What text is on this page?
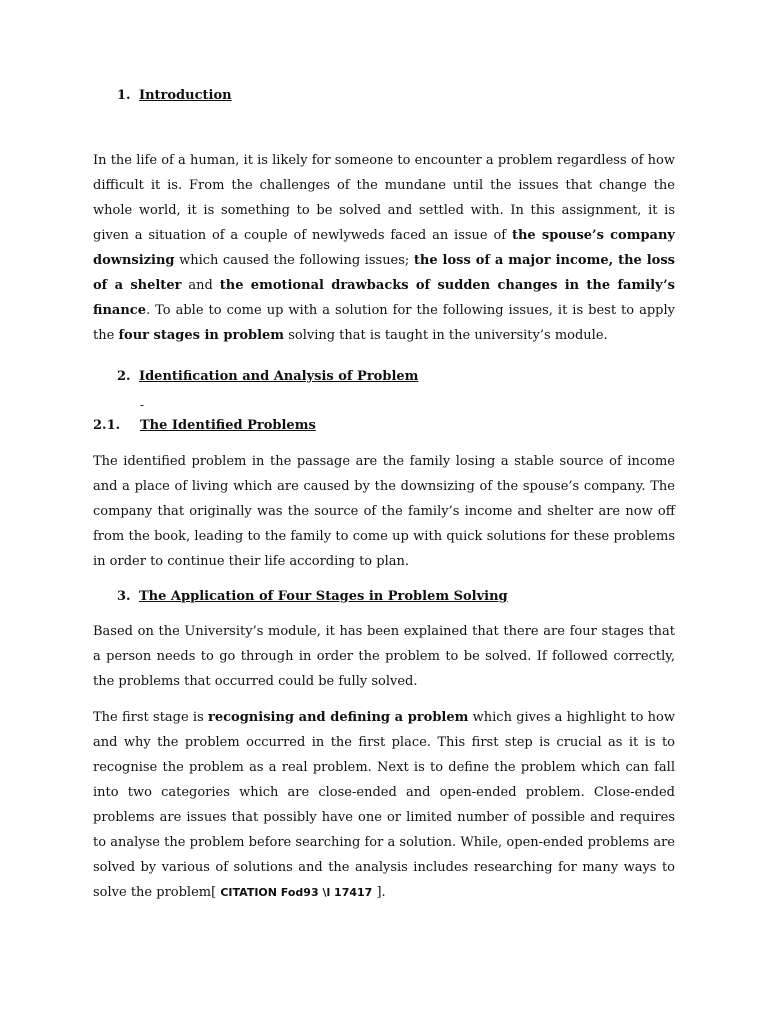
1. Introduction

In the life of a human, it is likely for someone to encounter a problem regardless of how difficult it is. From the challenges of the mundane until the issues that change the whole world, it is something to be solved and settled with. In this assignment, it is given a situation of a couple of newlyweds faced an issue of the spouse’s company downsizing which caused the following issues; the loss of a major income, the loss of a shelter and the emotional drawbacks of sudden changes in the family’s finance. To able to come up with a solution for the following issues, it is best to apply the four stages in problem solving that is taught in the university’s module.

2. Identification and Analysis of Problem
-
2.1. The Identified Problems

The identified problem in the passage are the family losing a stable source of income and a place of living which are caused by the downsizing of the spouse’s company. The company that originally was the source of the family’s income and shelter are now off from the book, leading to the family to come up with quick solutions for these problems in order to continue their life according to plan.

3. The Application of Four Stages in Problem Solving

Based on the University’s module, it has been explained that there are four stages that a person needs to go through in order the problem to be solved. If followed correctly, the problems that occurred could be fully solved.

The first stage is recognising and defining a problem which gives a highlight to how and why the problem occurred in the first place. This first step is crucial as it is to recognise the problem as a real problem. Next is to define the problem which can fall into two categories which are close-ended and open-ended problem. Close-ended problems are issues that possibly have one or limited number of possible and requires to analyse the problem before searching for a solution. While, open-ended problems are solved by various of solutions and the analysis includes researching for many ways to solve the problem[ CITATION Fod93 \l 17417 ].
